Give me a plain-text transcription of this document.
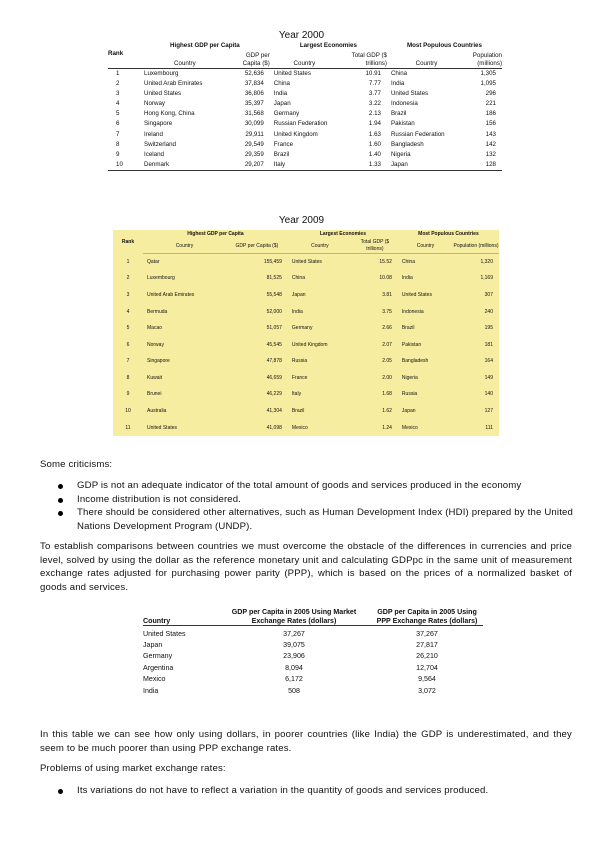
Year 2000
Rank	Highest GDP per Capita		Largest Economies		Most Populous Countries	

	Country	GDP per Capita ($)	Country	Total GDP ($ trillions)	Country	Population (millions)

1	Luxembourg	52,636	United States	10.91	China	1,305
2	United Arab Emirates	37,834	China	7.77	India	1,095
3	United States	36,806	India	3.77	United States	296
4	Norway	35,397	Japan	3.22	Indonesia	221
5	Hong Kong, China	31,568	Germany	2.13	Brazil	186
6	Singapore	30,099	Russian Federation	1.94	Pakistan	156
7	Ireland	29,911	United Kingdom	1.63	Russian Federation	143
8	Switzerland	29,549	France	1.60	Bangladesh	142
9	Iceland	29,359	Brazil	1.40	Nigeria	132
10	Denmark	29,207	Italy	1.33	Japan	128
Year 2009
Rank	Highest GDP per Capita		Largest Economies		Most Populous Countries	
	Country	GDP per Capita ($)	Country	Total GDP ($ trillions)	Country	Population (millions)
1	Qatar	155,459	United States	15.52	China	1,320
2	Luxembourg	81,525	China	10.08	India	1,169
3	United Arab Emirates	55,548	Japan	3.81	United States	307
4	Bermuda	52,000	India	3.75	Indonesia	240
5	Macao	51,057	Germany	2.66	Brazil	195
6	Norway	45,545	United Kingdom	2.07	Pakistan	181
7	Singapore	47,878	Russia	2.05	Bangladesh	164
8	Kuwait	46,659	France	2.00	Nigeria	149
9	Brunei	46,229	Italy	1.68	Russia	140
10	Australia	41,304	Brazil	1.62	Japan	127
11	United States	41,098	Mexico	1.24	Mexico	111
Some criticisms:
GDP is not an adequate indicator of the total amount of goods and services produced in the economy
Income distribution is not considered.
There should be considered other alternatives, such as Human Development Index (HDI) prepared by the United Nations Development Program (UNDP).
To establish comparisons between countries we must overcome the obstacle of the differences in currencies and price level, solved by using the dollar as the reference monetary unit and calculating GDPpc in the same unit of measurement exchange rates adjusted for purchasing power parity (PPP), which is based on the prices of a normalized basket of goods and services.
Country	GDP per Capita in 2005 Using Market Exchange Rates (dollars)	GDP per Capita in 2005 Using PPP Exchange Rates (dollars)

United States	37,267	37,267
Japan	39,075	27,817
Germany	23,906	26,210
Argentina	8,094	12,704
Mexico	6,172	9,564
India	508	3,072
In this table we can see how only using dollars, in poorer countries (like India) the GDP is underestimated, and they seem to be much poorer than using PPP exchange rates.
Problems of using market exchange rates:
Its variations do not have to reflect a variation in the quantity of goods and services produced.
